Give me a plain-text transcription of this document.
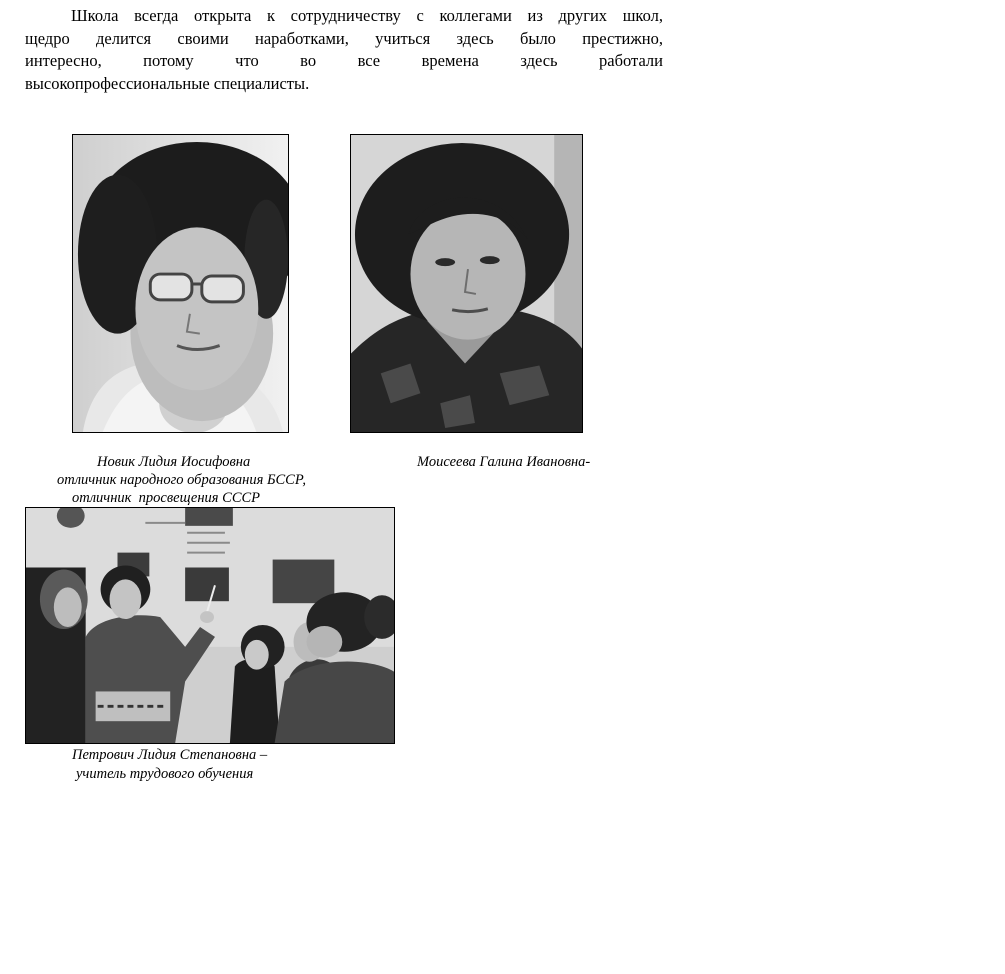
Школа всегда открыта к сотрудничеству с коллегами из других школ,
щедро делится своими наработками, учиться здесь было престижно,
интересно, потому что во все времена здесь работали
высокопрофессиональные специалисты.
Новик Лидия Иосифовна
отличник народного образования БССР,
отличник  просвещения СССР
Моисеева Галина Ивановна-
Петрович Лидия Степановна –
учитель трудового обучения
